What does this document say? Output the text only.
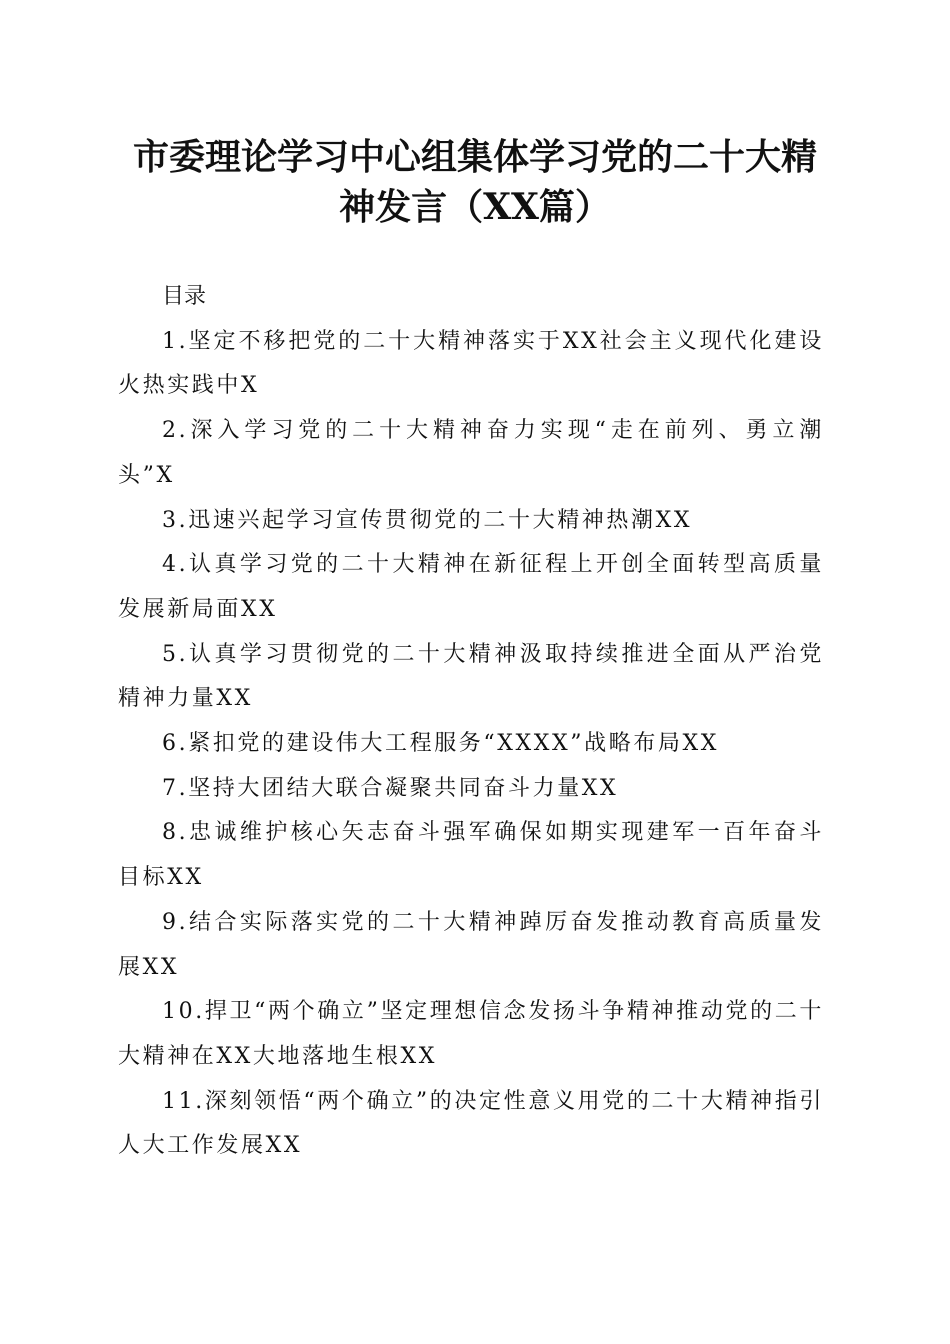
市委理论学习中心组集体学习党的二十大精神发言（XX篇）

目录

1.坚定不移把党的二十大精神落实于XX社会主义现代化建设火热实践中X

2.深入学习党的二十大精神奋力实现“走在前列、勇立潮头”X

3.迅速兴起学习宣传贯彻党的二十大精神热潮XX

4.认真学习党的二十大精神在新征程上开创全面转型高质量发展新局面XX

5.认真学习贯彻党的二十大精神汲取持续推进全面从严治党精神力量XX

6.紧扣党的建设伟大工程服务“XXXX”战略布局XX

7.坚持大团结大联合凝聚共同奋斗力量XX

8.忠诚维护核心矢志奋斗强军确保如期实现建军一百年奋斗目标XX

9.结合实际落实党的二十大精神踔厉奋发推动教育高质量发展XX

10.捍卫“两个确立”坚定理想信念发扬斗争精神推动党的二十大精神在XX大地落地生根XX

11.深刻领悟“两个确立”的决定性意义用党的二十大精神指引人大工作发展XX
